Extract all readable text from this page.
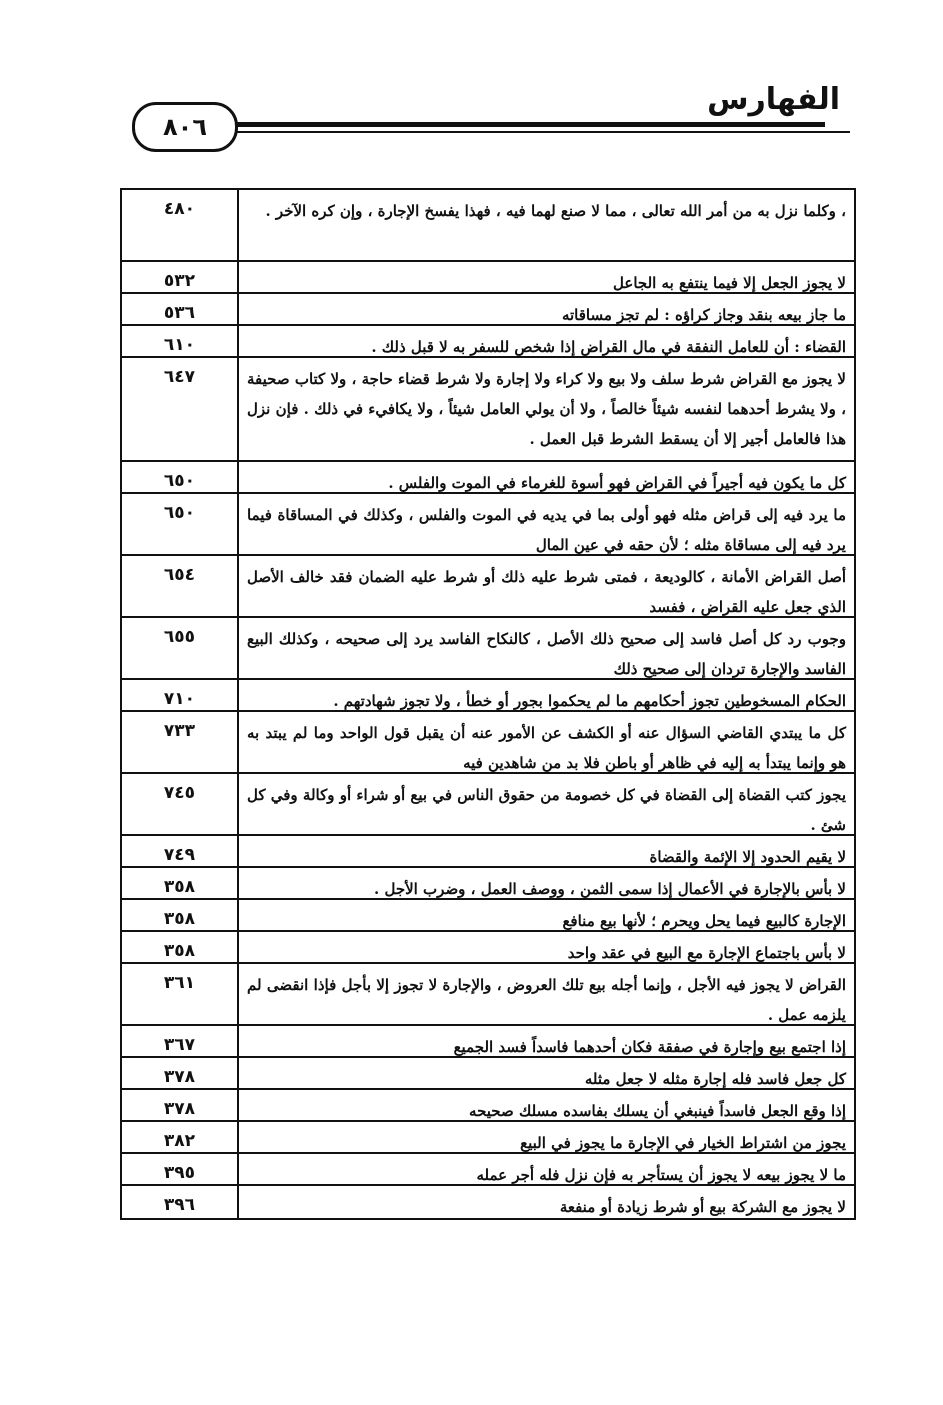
الفهارس
٨٠٦
٤٨٠	، وكلما نزل به من أمر الله تعالى ، مما لا صنع لهما فيه ، فهذا يفسخ الإجارة ، وإن كره الآخر .
٥٣٢	لا يجوز الجعل إلا فيما ينتفع به الجاعل
٥٣٦	ما جاز بيعه بنقد وجاز كراؤه : لم تجز مساقاته
٦١٠	القضاء : أن للعامل النفقة في مال القراض إذا شخص للسفر به لا قبل ذلك .
٦٤٧	لا يجوز مع القراض شرط سلف ولا بيع ولا كراء ولا إجارة ولا شرط قضاء حاجة ، ولا كتاب صحيفة ، ولا يشرط أحدهما لنفسه شيئاً خالصاً ، ولا أن يولي العامل شيئاً ، ولا يكافيء في ذلك . فإن نزل هذا فالعامل أجير إلا أن يسقط الشرط قبل العمل .
٦٥٠	كل ما يكون فيه أجيراً في القراض فهو أسوة للغرماء في الموت والفلس .
٦٥٠	ما يرد فيه إلى قراض مثله فهو أولى بما في يديه في الموت والفلس ، وكذلك في المساقاة فيما يرد فيه إلى مساقاة مثله ؛ لأن حقه في عين المال
٦٥٤	أصل القراض الأمانة ، كالوديعة ، فمتى شرط عليه ذلك أو شرط عليه الضمان فقد خالف الأصل الذي جعل عليه القراض ، ففسد
٦٥٥	وجوب رد كل أصل فاسد إلى صحيح ذلك الأصل ، كالنكاح الفاسد يرد إلى صحيحه ، وكذلك البيع الفاسد والإجارة تردان إلى صحيح ذلك
٧١٠	الحكام المسخوطين تجوز أحكامهم ما لم يحكموا بجور أو خطأ ، ولا تجوز شهادتهم .
٧٣٣	كل ما يبتدي القاضي السؤال عنه أو الكشف عن الأمور عنه أن يقبل قول الواحد وما لم يبتد به هو وإنما يبتدأ به إليه في ظاهر أو باطن فلا بد من شاهدين فيه
٧٤٥	يجوز كتب القضاة إلى القضاة في كل خصومة من حقوق الناس في بيع أو شراء أو وكالة وفي كل شئ .
٧٤٩	لا يقيم الحدود إلا الإئمة والقضاة
٣٥٨	لا بأس بالإجارة في الأعمال إذا سمى الثمن ، ووصف العمل ، وضرب الأجل .
٣٥٨	الإجارة كالبيع فيما يحل ويحرم ؛ لأنها بيع منافع
٣٥٨	لا بأس باجتماع الإجارة مع البيع في عقد واحد
٣٦١	القراض لا يجوز فيه الأجل ، وإنما أجله بيع تلك العروض ، والإجارة لا تجوز إلا بأجل فإذا انقضى لم يلزمه عمل .
٣٦٧	إذا اجتمع بيع وإجارة في صفقة فكان أحدهما فاسداً فسد الجميع
٣٧٨	كل جعل فاسد فله إجارة مثله لا جعل مثله
٣٧٨	إذا وقع الجعل فاسداً فينبغي أن يسلك بفاسده مسلك صحيحه
٣٨٢	يجوز من اشتراط الخيار في الإجارة ما يجوز في البيع
٣٩٥	ما لا يجوز بيعه لا يجوز أن يستأجر به فإن نزل فله أجر عمله
٣٩٦	لا يجوز مع الشركة بيع أو شرط زيادة أو منفعة
